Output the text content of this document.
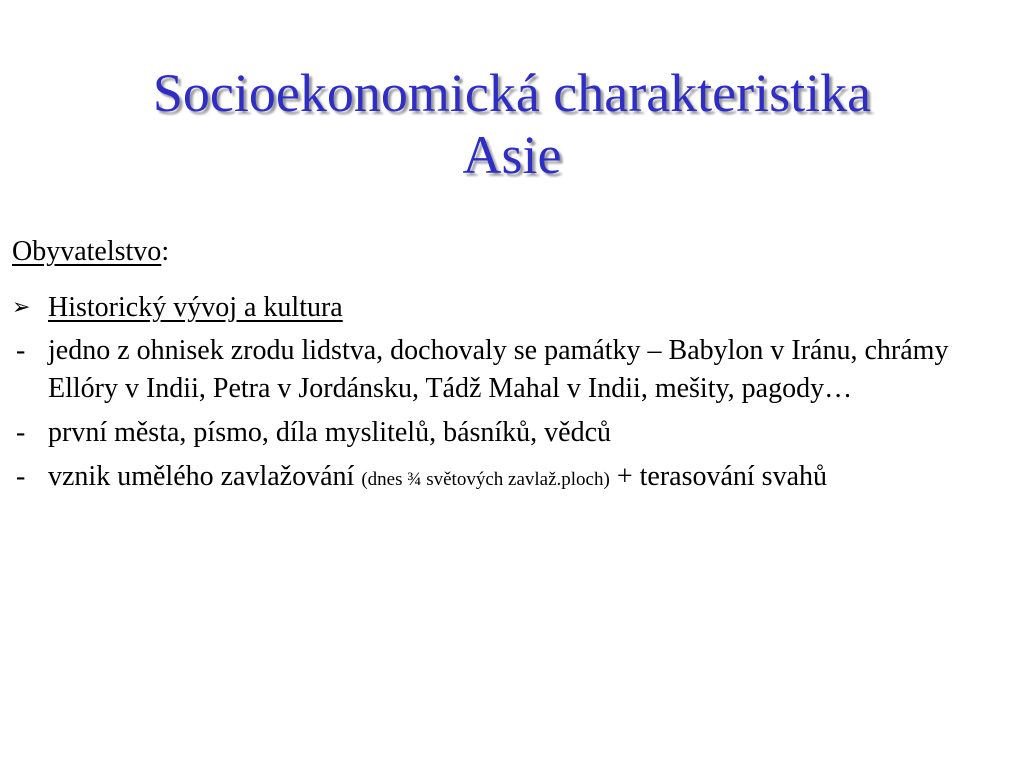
Socioekonomická charakteristika
Asie
Obyvatelstvo:
➢ Historický vývoj a kultura
- jedno z ohnisek zrodu lidstva, dochovaly se památky – Babylon v Iránu, chrámy Ellóry v Indii, Petra v Jordánsku, Tádž Mahal v Indii, mešity, pagody…
- první města, písmo, díla myslitelů, básníků, vědců
- vznik umělého zavlažování (dnes ¾ světových zavlaž.ploch) + terasování svahů
